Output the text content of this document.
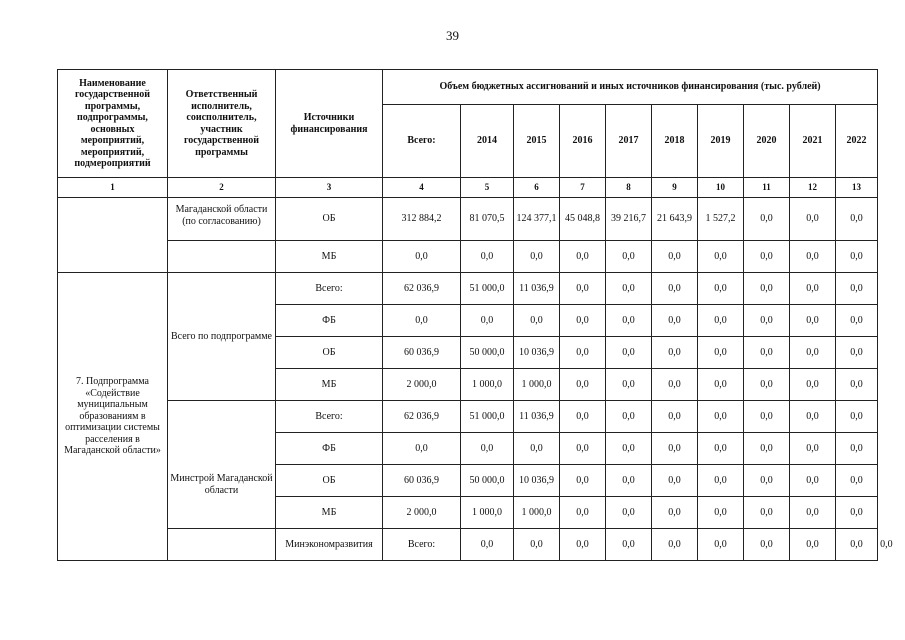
39
Наименование государственной программы, подпрограммы, основных мероприятий, мероприятий, подмероприятий	Ответственный исполнитель, соисполнитель, участник государственной программы	Источники финансирования	Объем бюджетных ассигнований и иных источников финансирования (тыс. рублей)										
			Всего:	2014	2015	2016	2017	2018	2019	2020	2021	2022	
1	2	3	4	5	6	7	8	9	10	11	12	13	
	Магаданской области (по согласованию)	ОБ	312 884,2	81 070,5	124 377,1	45 048,8	39 216,7	21 643,9	1 527,2	0,0	0,0	0,0	
		МБ	0,0	0,0	0,0	0,0	0,0	0,0	0,0	0,0	0,0	0,0	
7. Подпрограмма «Содействие муниципальным образованиям в оптимизации системы расселения в Магаданской области»	Всего по подпрограмме	Всего:	62 036,9	51 000,0	11 036,9	0,0	0,0	0,0	0,0	0,0	0,0	0,0	
		ФБ	0,0	0,0	0,0	0,0	0,0	0,0	0,0	0,0	0,0	0,0	
		ОБ	60 036,9	50 000,0	10 036,9	0,0	0,0	0,0	0,0	0,0	0,0	0,0	
		МБ	2 000,0	1 000,0	1 000,0	0,0	0,0	0,0	0,0	0,0	0,0	0,0	
	Минстрой Магаданской области	Всего:	62 036,9	51 000,0	11 036,9	0,0	0,0	0,0	0,0	0,0	0,0	0,0	
		ФБ	0,0	0,0	0,0	0,0	0,0	0,0	0,0	0,0	0,0	0,0	
		ОБ	60 036,9	50 000,0	10 036,9	0,0	0,0	0,0	0,0	0,0	0,0	0,0	
		МБ	2 000,0	1 000,0	1 000,0	0,0	0,0	0,0	0,0	0,0	0,0	0,0	
		Минэкономразвития	Всего:	0,0	0,0	0,0	0,0	0,0	0,0	0,0	0,0	0,0	0,0
